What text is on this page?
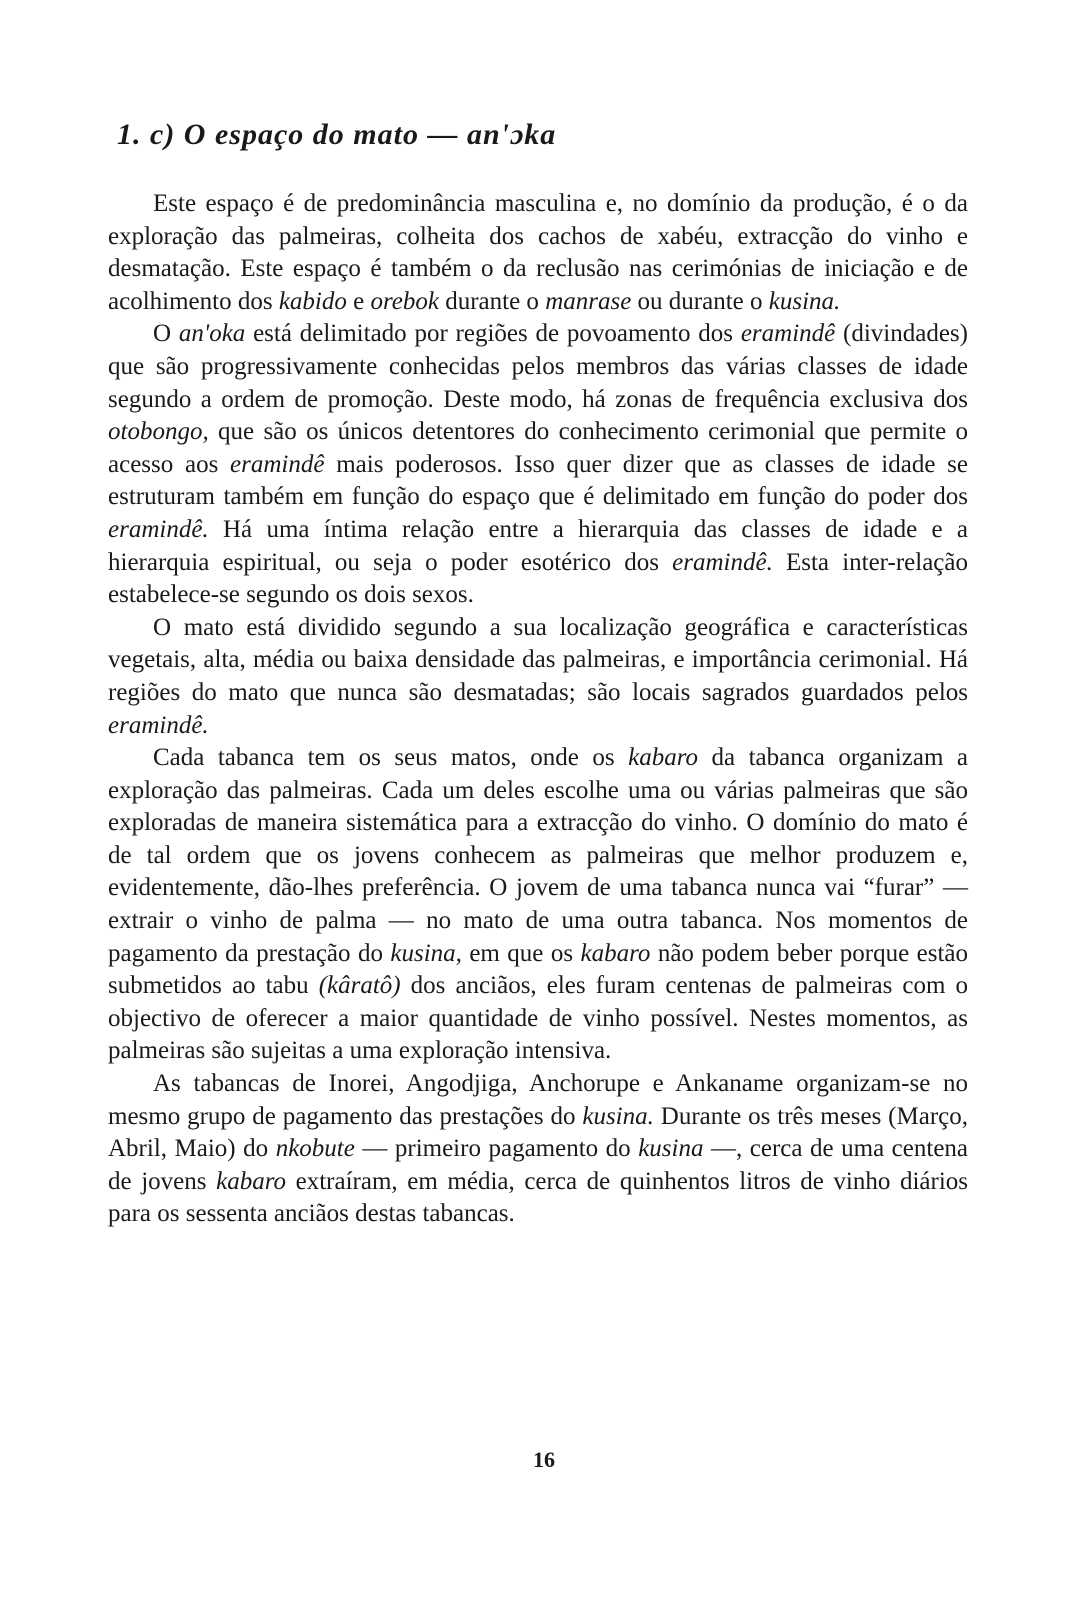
1. c) O espaço do mato — an'ɔka

Este espaço é de predominância masculina e, no domínio da produção, é o da exploração das palmeiras, colheita dos cachos de xabéu, extracção do vinho e desmatação. Este espaço é também o da reclusão nas cerimónias de iniciação e de acolhimento dos kabido e orebok durante o manrase ou durante o kusina.

O an'oka está delimitado por regiões de povoamento dos eramindê (divindades) que são progressivamente conhecidas pelos membros das várias classes de idade segundo a ordem de promoção. Deste modo, há zonas de frequência exclusiva dos otobongo, que são os únicos detentores do conhecimento cerimonial que permite o acesso aos eramindê mais poderosos. Isso quer dizer que as classes de idade se estruturam também em função do espaço que é delimitado em função do poder dos eramindê. Há uma íntima relação entre a hierarquia das classes de idade e a hierarquia espiritual, ou seja o poder esotérico dos eramindê. Esta inter-relação estabelece-se segundo os dois sexos.

O mato está dividido segundo a sua localização geográfica e características vegetais, alta, média ou baixa densidade das palmeiras, e importância cerimonial. Há regiões do mato que nunca são desmatadas; são locais sagrados guardados pelos eramindê.

Cada tabanca tem os seus matos, onde os kabaro da tabanca organizam a exploração das palmeiras. Cada um deles escolhe uma ou várias palmeiras que são exploradas de maneira sistemática para a extracção do vinho. O domínio do mato é de tal ordem que os jovens conhecem as palmeiras que melhor produzem e, evidentemente, dão-lhes preferência. O jovem de uma tabanca nunca vai “furar” — extrair o vinho de palma — no mato de uma outra tabanca. Nos momentos de pagamento da prestação do kusina, em que os kabaro não podem beber porque estão submetidos ao tabu (kâratô) dos anciãos, eles furam centenas de palmeiras com o objectivo de oferecer a maior quantidade de vinho possível. Nestes momentos, as palmeiras são sujeitas a uma exploração intensiva.

As tabancas de Inorei, Angodjiga, Anchorupe e Ankaname organizam-se no mesmo grupo de pagamento das prestações do kusina. Durante os três meses (Março, Abril, Maio) do nkobute — primeiro pagamento do kusina —, cerca de uma centena de jovens kabaro extraíram, em média, cerca de quinhentos litros de vinho diários para os sessenta anciãos destas tabancas.

16
